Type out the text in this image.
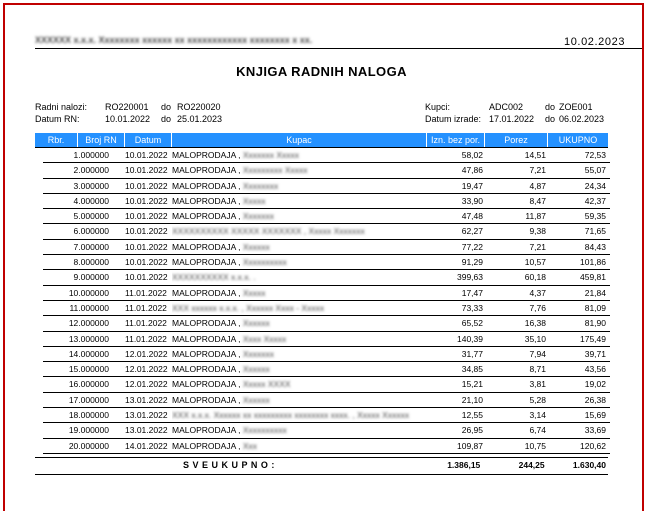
XXXXXX x.x.x. Xxxxxxxx xxxxxx xx xxxxxxxxxxxx xxxxxxxx x xx.	10.02.2023
KNJIGA RADNIH NALOGA
Radni nalozi:	RO220001	do RO220020
Datum RN:	10.01.2022	do 25.01.2023
Kupci:	ADC002	do ZOE001
Datum izrade: 17.01.2022	do 06.02.2023
Rbr.	Broj RN	Datum	Kupac	Izn. bez por.	Porez	UKUPNO
1.000000	10.01.2022 MALOPRODAJA , Xxxxxxx Xxxxx	58,02	14,51	72,53
2.000000	10.01.2022 MALOPRODAJA , Xxxxxxxxx Xxxxx	47,86	7,21	55,07
3.000000	10.01.2022 MALOPRODAJA , Xxxxxxxx	19,47	4,87	24,34
4.000000	10.01.2022 MALOPRODAJA , Xxxxx	33,90	8,47	42,37
5.000000	10.01.2022 MALOPRODAJA , Xxxxxxx	47,48	11,87	59,35
6.000000	10.01.2022 XXXXXXXXXX XXXXX XXXXXXX , Xxxxx Xxxxxxx	62,27	9,38	71,65
7.000000	10.01.2022 MALOPRODAJA , Xxxxxx	77,22	7,21	84,43
8.000000	10.01.2022 MALOPRODAJA , Xxxxxxxxxx	91,29	10,57	101,86
9.000000	10.01.2022 XXXXXXXXXX x.x.x. .	399,63	60,18	459,81
10.000000	11.01.2022 MALOPRODAJA , Xxxxx	17,47	4,37	21,84
11.000000	11.01.2022 XXX xxxxxx x.x.x. , Xxxxxx Xxxx - Xxxxx	73,33	7,76	81,09
12.000000	11.01.2022 MALOPRODAJA , Xxxxxx	65,52	16,38	81,90
13.000000	11.01.2022 MALOPRODAJA , Xxxx Xxxxx	140,39	35,10	175,49
14.000000	12.01.2022 MALOPRODAJA , Xxxxxxx	31,77	7,94	39,71
15.000000	12.01.2022 MALOPRODAJA , Xxxxxx	34,85	8,71	43,56
16.000000	12.01.2022 MALOPRODAJA , Xxxxx XXXX	15,21	3,81	19,02
17.000000	13.01.2022 MALOPRODAJA , Xxxxxx	21,10	5,28	26,38
18.000000	13.01.2022 XXX x.x.x. Xxxxxx xx xxxxxxxxx xxxxxxxx xxxx. , Xxxxx Xxxxxx	12,55	3,14	15,69
19.000000	13.01.2022 MALOPRODAJA , Xxxxxxxxxx	26,95	6,74	33,69
20.000000	14.01.2022 MALOPRODAJA , Xxx	109,87	10,75	120,62
S V E U K U P N O :	1.386,15	244,25	1.630,40
